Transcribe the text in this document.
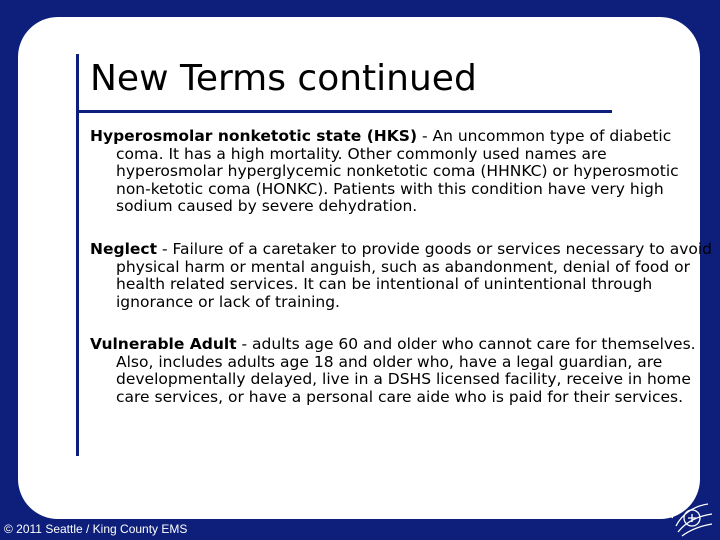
New Terms continued

Hyperosmolar nonketotic state (HKS) - An uncommon type of diabetic coma. It has a high mortality. Other commonly used names are hyperosmolar hyperglycemic nonketotic coma (HHNKC) or hyperosmotic non-ketotic coma (HONKC). Patients with this condition have very high sodium caused by severe dehydration.

Neglect - Failure of a caretaker to provide goods or services necessary to avoid physical harm or mental anguish, such as abandonment, denial of food or health related services. It can be intentional of unintentional through ignorance or lack of training.

Vulnerable Adult - adults age 60 and older who cannot care for themselves. Also, includes adults age 18 and older who, have a legal guardian, are developmentally delayed, live in a DSHS licensed facility, receive in home care services, or have a personal care aide who is paid for their services.

© 2011 Seattle / King County EMS
